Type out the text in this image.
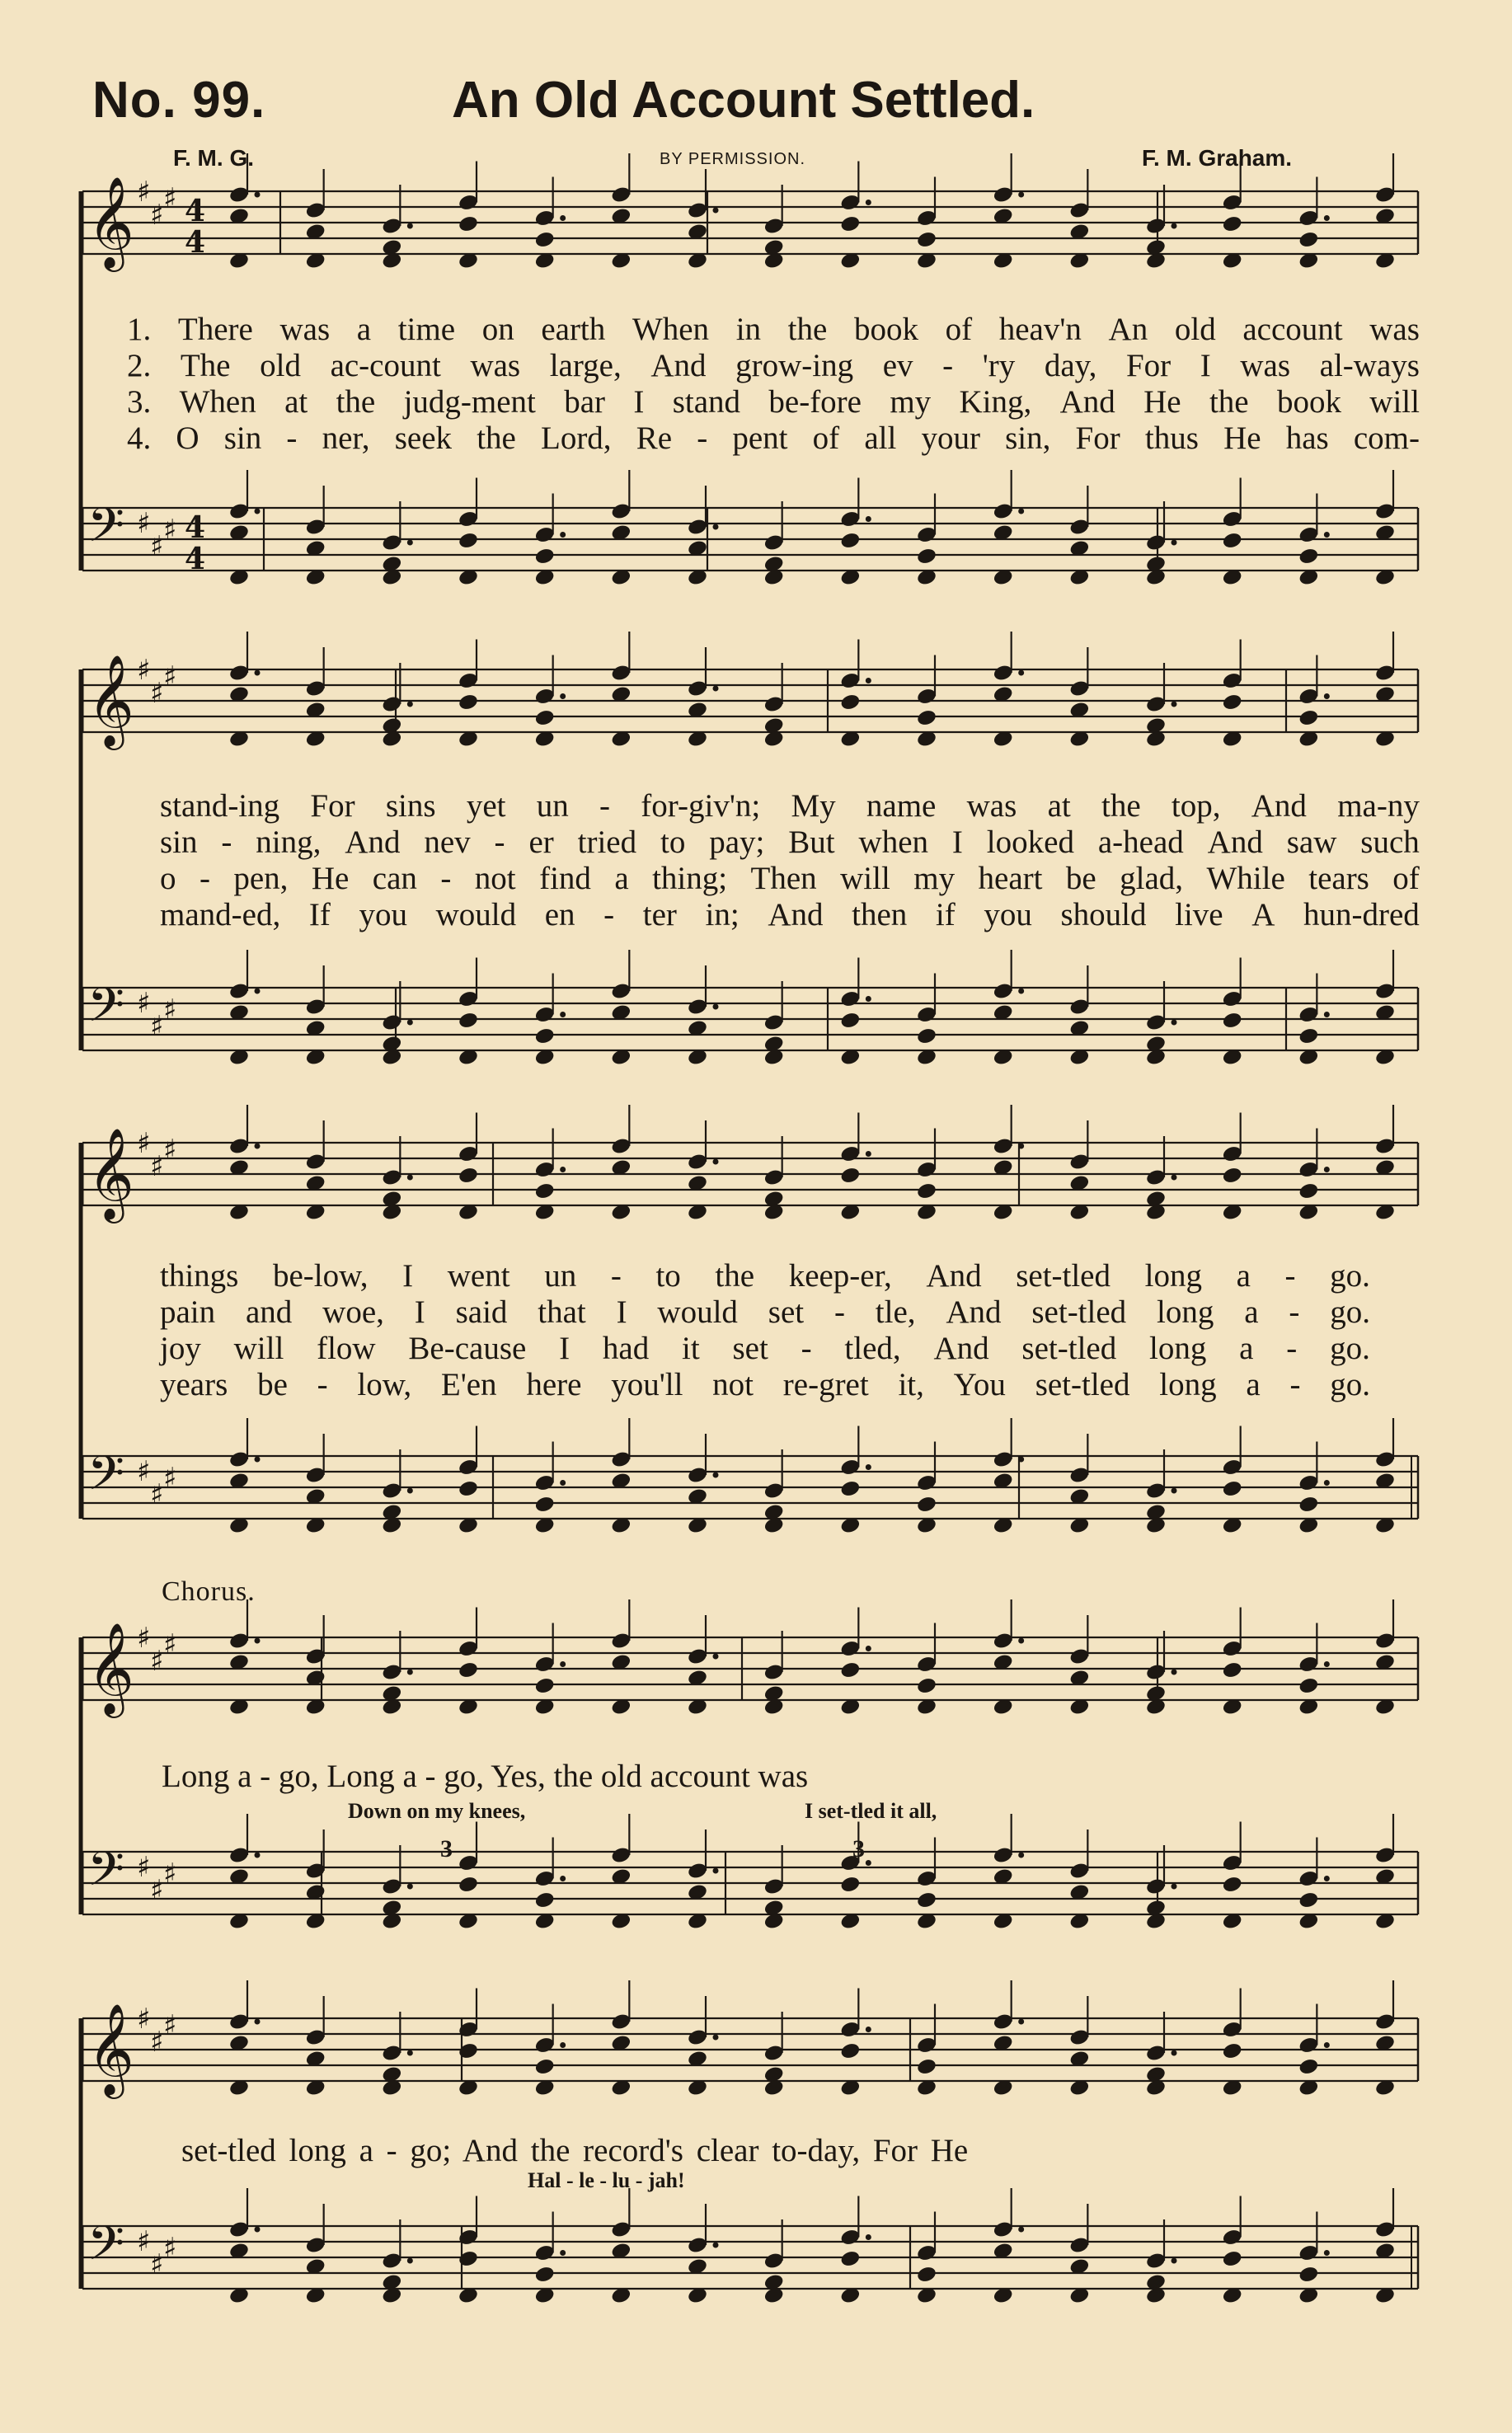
No. 99.	An Old Account Settled.
F. M. G.	BY PERMISSION.	F. M. Graham.
𝄞 ♯
♯ ♯ 4
4
𝄢 ♯
♯ ♯ 4
4
𝄞 ♯
♯ ♯
𝄢 ♯
♯ ♯
𝄞 ♯
♯ ♯
𝄢 ♯
♯ ♯
𝄞 ♯
♯ ♯
𝄢 ♯
♯ ♯
𝄞 ♯
♯ ♯
𝄢 ♯
♯ ♯
1. There was a time on earth When in the book of heav'n An old account was
2. The old ac-count was large, And grow-ing ev - 'ry day, For I was al-ways
3. When at the judg-ment bar I stand be-fore my King, And He the book will
4. O sin - ner, seek the Lord, Re - pent of all your sin, For thus He has com-
stand-ing For sins yet un - for-giv'n; My name was at the top, And ma-ny
sin - ning, And nev - er tried to pay; But when I looked a-head And saw such
o - pen, He can - not find a thing; Then will my heart be glad, While tears of
mand-ed, If you would en - ter in; And then if you should live A hun-dred
things be-low, I went un - to the keep-er, And set-tled long a - go.
pain and woe, I said that I would set - tle, And set-tled long a - go.
joy will flow Be-cause I had it set - tled, And set-tled long a - go.
years be - low, E'en here you'll not re-gret it, You set-tled long a - go.
Chorus.
Long a - go, Long a - go, Yes, the old account was
Down on my knees,	I set-tled it all,
3	3
set-tled long a - go; And the record's clear to-day, For He
Hal - le - lu - jah!
